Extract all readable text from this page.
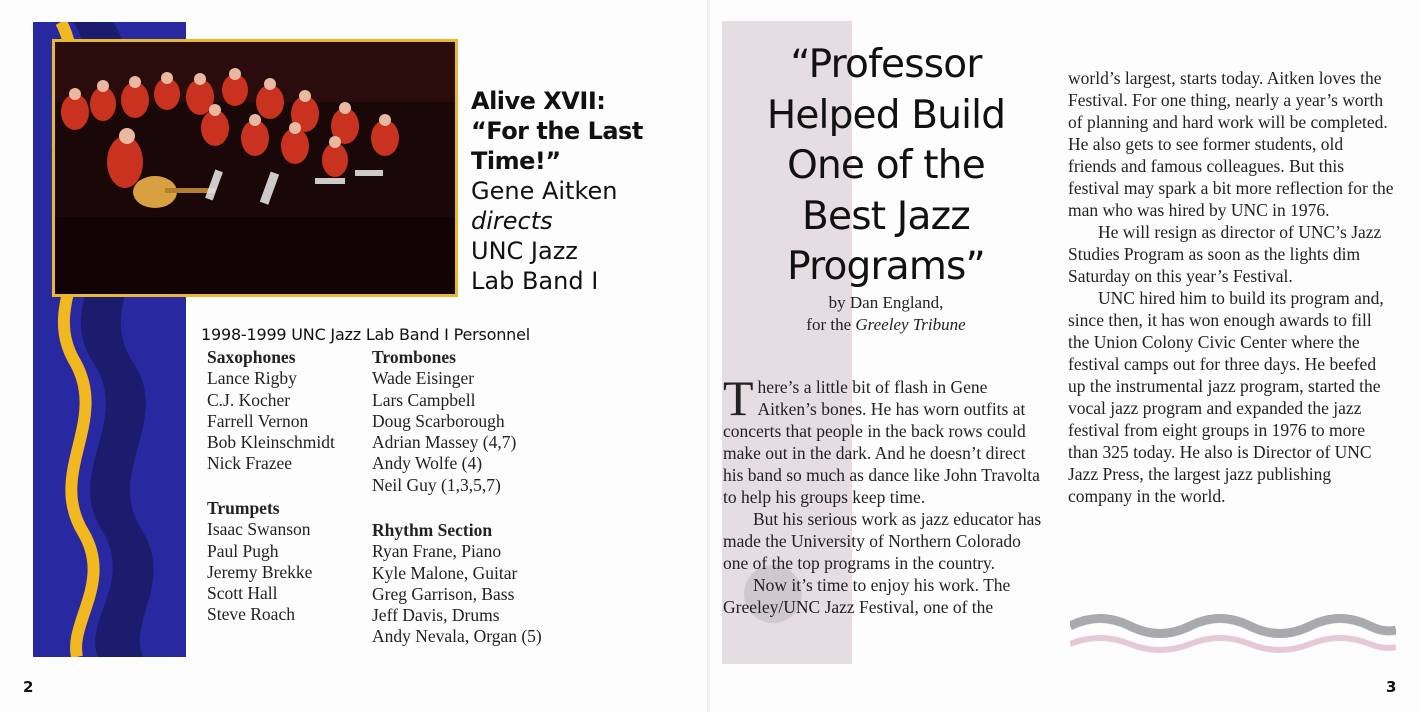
Alive XVII:
“For the Last Time!”
Gene Aitken
directs
UNC Jazz
Lab Band I
1998-1999 UNC Jazz Lab Band I Personnel
Saxophones
Lance Rigby
C.J. Kocher
Farrell Vernon
Bob Kleinschmidt
Nick Frazee
Trumpets
Isaac Swanson
Paul Pugh
Jeremy Brekke
Scott Hall
Steve Roach
Trombones
Wade Eisinger
Lars Campbell
Doug Scarborough
Adrian Massey (4,7)
Andy Wolfe (4)
Neil Guy (1,3,5,7)
Rhythm Section
Ryan Frane, Piano
Kyle Malone, Guitar
Greg Garrison, Bass
Jeff Davis, Drums
Andy Nevala, Organ (5)
2
“Professor
Helped Build
One of the
Best Jazz
Programs”
by Dan England,
for the Greeley Tribune

There’s a little bit of flash in Gene Aitken’s bones. He has worn outfits at concerts that people in the back rows could make out in the dark. And he doesn’t direct his band so much as dance like John Travolta to help his groups keep time.

But his serious work as jazz educator has made the University of Northern Colorado one of the top programs in the country.

Now it’s time to enjoy his work. The Greeley/UNC Jazz Festival, one of the

world’s largest, starts today. Aitken loves the Festival. For one thing, nearly a year’s worth of planning and hard work will be completed. He also gets to see former students, old friends and famous colleagues. But this festival may spark a bit more reflection for the man who was hired by UNC in 1976.

He will resign as director of UNC’s Jazz Studies Program as soon as the lights dim Saturday on this year’s Festival.

UNC hired him to build its program and, since then, it has won enough awards to fill the Union Colony Civic Center where the festival camps out for three days. He beefed up the instrumental jazz program, started the vocal jazz program and expanded the jazz festival from eight groups in 1976 to more than 325 today. He also is Director of UNC Jazz Press, the largest jazz publishing company in the world.

3
